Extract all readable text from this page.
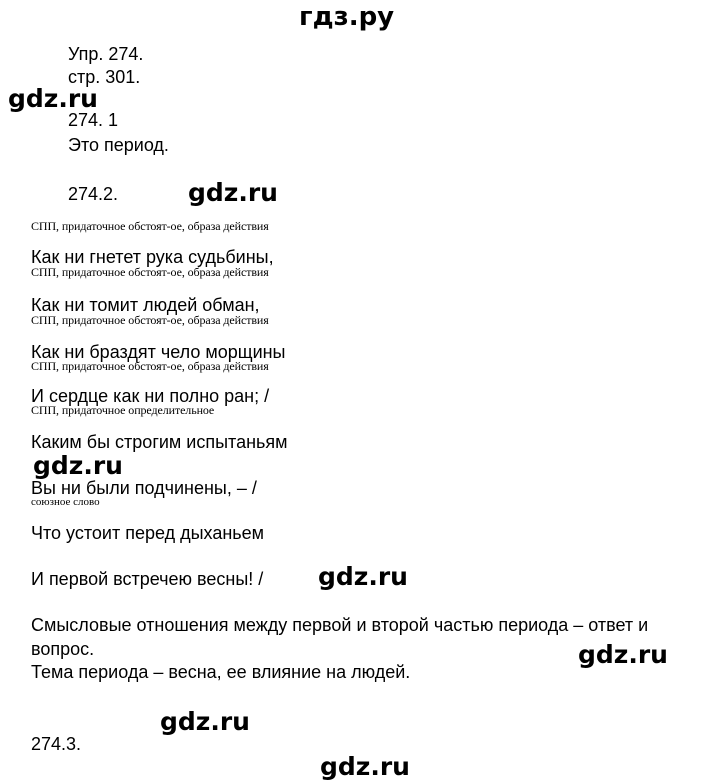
гдз.ру
Упр. 274.
стр. 301.
gdz.ru
274. 1
Это период.
274.2.	gdz.ru
СПП, придаточное обстоят-ое, образа действия
Как ни гнетет рука судьбины,
СПП, придаточное обстоят-ое, образа действия
Как ни томит людей обман,
СПП, придаточное обстоят-ое, образа действия
Как ни браздят чело морщины
СПП, придаточное обстоят-ое, образа действия
И сердце как ни полно ран; /
СПП, придаточное определительное
Каким бы строгим испытаньям
gdz.ru
Вы ни были подчинены, – /
союзное слово
Что устоит перед дыханьем
И первой встречею весны! / gdz.ru
Смысловые отношения между первой и второй частью периода – ответ и
вопрос.	gdz.ru
Тема периода – весна, ее влияние на людей.
gdz.ru
274.3.
gdz.ru
